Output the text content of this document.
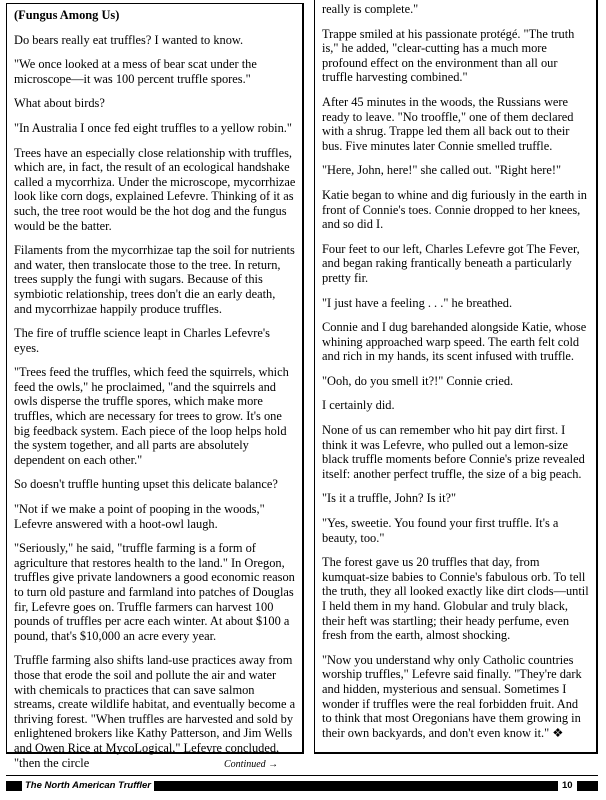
(Fungus Among Us)

Do bears really eat truffles? I wanted to know.

"We once looked at a mess of bear scat under the microscope—it was 100 percent truffle spores."

What about birds?

"In Australia I once fed eight truffles to a yellow robin."

Trees have an especially close relationship with truffles, which are, in fact, the result of an ecological handshake called a mycorrhiza. Under the microscope, mycorrhizae look like corn dogs, explained Lefevre. Thinking of it as such, the tree root would be the hot dog and the fungus would be the batter.

Filaments from the mycorrhizae tap the soil for nutrients and water, then translocate those to the tree. In return, trees supply the fungi with sugars. Because of this symbiotic relationship, trees don't die an early death, and mycorrhizae happily produce truffles.

The fire of truffle science leapt in Charles Lefevre's eyes.

"Trees feed the truffles, which feed the squirrels, which feed the owls," he proclaimed, "and the squirrels and owls disperse the truffle spores, which make more truffles, which are necessary for trees to grow. It's one big feedback system. Each piece of the loop helps hold the system together, and all parts are absolutely dependent on each other."

So doesn't truffle hunting upset this delicate balance?

"Not if we make a point of pooping in the woods," Lefevre answered with a hoot-owl laugh.

"Seriously," he said, "truffle farming is a form of agriculture that restores health to the land." In Oregon, truffles give private landowners a good economic reason to turn old pasture and farmland into patches of Douglas fir, Lefevre goes on. Truffle farmers can harvest 100 pounds of truffles per acre each winter. At about $100 a pound, that's $10,000 an acre every year.

Truffle farming also shifts land-use practices away from those that erode the soil and pollute the air and water with chemicals to practices that can save salmon streams, create wildlife habitat, and eventually become a thriving forest. "When truffles are harvested and sold by enlightened brokers like Kathy Patterson, and Jim Wells and Owen Rice at MycoLogical," Lefevre concluded, "then the circle

really is complete."

Trappe smiled at his passionate protégé. "The truth is," he added, "clear-cutting has a much more profound effect on the environment than all our truffle harvesting combined."

After 45 minutes in the woods, the Russians were ready to leave. "No trooffle," one of them declared with a shrug. Trappe led them all back out to their bus. Five minutes later Connie smelled truffle.

"Here, John, here!" she called out. "Right here!"

Katie began to whine and dig furiously in the earth in front of Connie's toes. Connie dropped to her knees, and so did I.

Four feet to our left, Charles Lefevre got The Fever, and began raking frantically beneath a particularly pretty fir.

"I just have a feeling . . ." he breathed.

Connie and I dug barehanded alongside Katie, whose whining approached warp speed. The earth felt cold and rich in my hands, its scent infused with truffle.

"Ooh, do you smell it?!" Connie cried.

I certainly did.

None of us can remember who hit pay dirt first. I think it was Lefevre, who pulled out a lemon-size black truffle moments before Connie's prize revealed itself: another perfect truffle, the size of a big peach.

"Is it a truffle, John? Is it?"

"Yes, sweetie. You found your first truffle. It's a beauty, too."

The forest gave us 20 truffles that day, from kumquat-size babies to Connie's fabulous orb. To tell the truth, they all looked exactly like dirt clods—until I held them in my hand. Globular and truly black, their heft was startling; their heady perfume, even fresh from the earth, almost shocking.

"Now you understand why only Catholic countries worship truffles," Lefevre said finally. "They're dark and hidden, mysterious and sensual. Sometimes I wonder if truffles were the real forbidden fruit. And to think that most Oregonians have them growing in their own backyards, and don't even know it." ❖

Continued →
The North American Truffler	10
